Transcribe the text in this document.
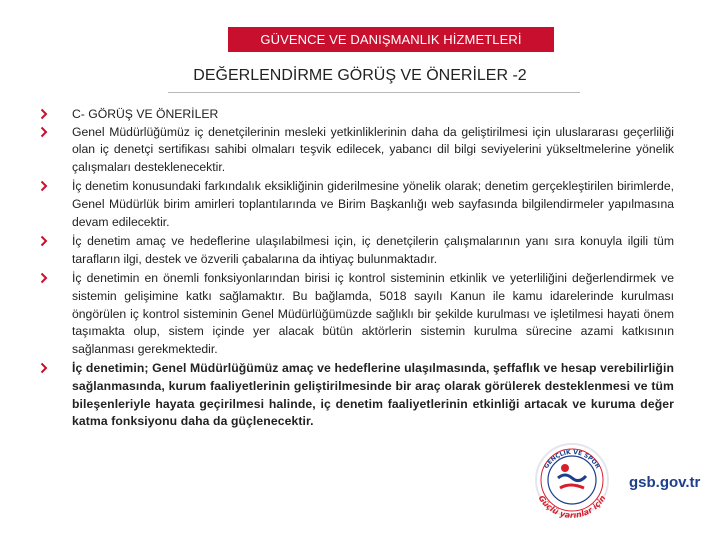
GÜVENCE VE DANIŞMANLIK HİZMETLERİ
DEĞERLENDİRME GÖRÜŞ VE ÖNERİLER -2
C- GÖRÜŞ VE ÖNERİLER
Genel Müdürlüğümüz iç denetçilerinin mesleki yetkinliklerinin daha da geliştirilmesi için uluslararası geçerliliği olan iç denetçi sertifikası sahibi olmaları teşvik edilecek, yabancı dil bilgi seviyelerini yükseltmelerine yönelik çalışmaları desteklenecektir.
İç denetim konusundaki farkındalık eksikliğinin giderilmesine yönelik olarak; denetim gerçekleştirilen birimlerde, Genel Müdürlük birim amirleri toplantılarında ve Birim Başkanlığı web sayfasında bilgilendirmeler yapılmasına devam edilecektir.
İç denetim amaç ve hedeflerine ulaşılabilmesi için, iç denetçilerin çalışmalarının yanı sıra konuyla ilgili tüm tarafların ilgi, destek ve özverili çabalarına da ihtiyaç bulunmaktadır.
İç denetimin en önemli fonksiyonlarından birisi iç kontrol sisteminin etkinlik ve yeterliliğini değerlendirmek ve sistemin gelişimine katkı sağlamaktır. Bu bağlamda, 5018 sayılı Kanun ile kamu idarelerinde kurulması öngörülen iç kontrol sisteminin Genel Müdürlüğümüzde sağlıklı bir şekilde kurulması ve işletilmesi hayati önem taşımakta olup, sistem içinde yer alacak bütün aktörlerin sistemin kurulma sürecine azami katkısının sağlanması gerekmektedir.
İç denetimin; Genel Müdürlüğümüz amaç ve hedeflerine ulaşılmasında, şeffaflık ve hesap verebilirliğin sağlanmasında, kurum faaliyetlerinin geliştirilmesinde bir araç olarak görülerek desteklenmesi ve tüm bileşenleriyle hayata geçirilmesi halinde, iç denetim faaliyetlerinin etkinliği artacak ve kuruma değer katma fonksiyonu daha da güçlenecektir.
GENÇLİK VE SPOR
Güçlü yarınlar için
gsb.gov.tr
